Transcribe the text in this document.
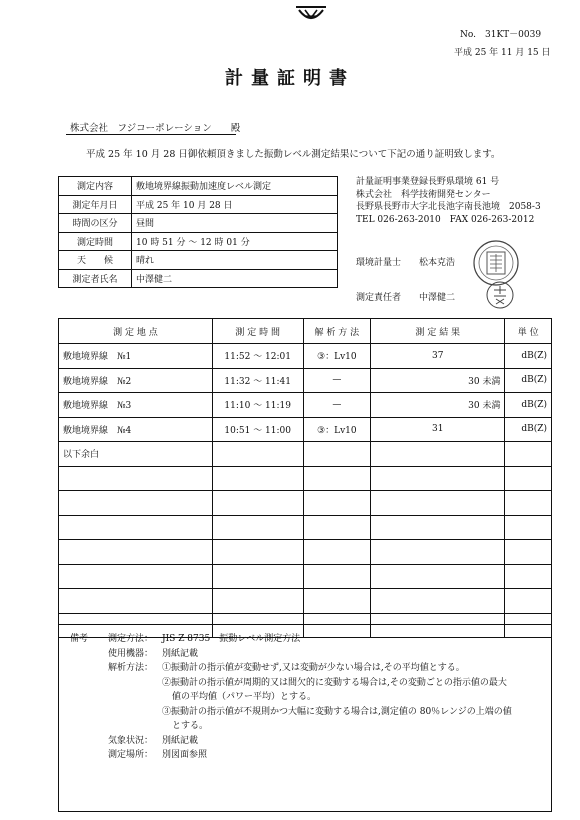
No.　31KT－0039
平成 25 年 11 月 15 日
計量証明書
株式会社　フジコーポレーション　　殿
平成 25 年 10 月 28 日御依頼頂きました振動レベル測定結果について下記の通り証明致します。
測定内容	敷地境界線振動加速度レベル測定
測定年月日	平成 25 年 10 月 28 日
時間の区分	昼間
測定時間	10 時 51 分 ～ 12 時 01 分
天　　候	晴れ
測定者氏名	中澤健二
計量証明事業登録長野県環境 61 号
株式会社　科学技術開発センター
長野県長野市大字北長池字南長池境　2058-3
TEL 026-263-2010　FAX 026-263-2012
環境計量士　　松本克浩
測定責任者　　中澤健二
測 定 地 点	測 定 時 間	解 析 方 法	測 定 結 果	単 位
敷地境界線　№1	11:52 ～ 12:01	③：Lv10	37	dB(Z)
敷地境界線　№2	11:32 ～ 11:41	—	30 未満	dB(Z)
敷地境界線　№3	11:10 ～ 11:19	—	30 未満	dB(Z)
敷地境界線　№4	10:51 ～ 11:00	③：Lv10	31	dB(Z)
以下余白				

備考	測定方法： JIS Z 8735　振動レベル測定方法
使用機器： 別紙記載
解析方法： ①振動計の指示値が変動せず,又は変動が少ない場合は,その平均値とする。
②振動計の指示値が周期的又は間欠的に変動する場合は,その変動ごとの指示値の最大
値の平均値（パワー平均）とする。
③振動計の指示値が不規則かつ大幅に変動する場合は,測定値の 80％レンジの上端の値
とする。
気象状況： 別紙記載
測定場所： 別図面参照
